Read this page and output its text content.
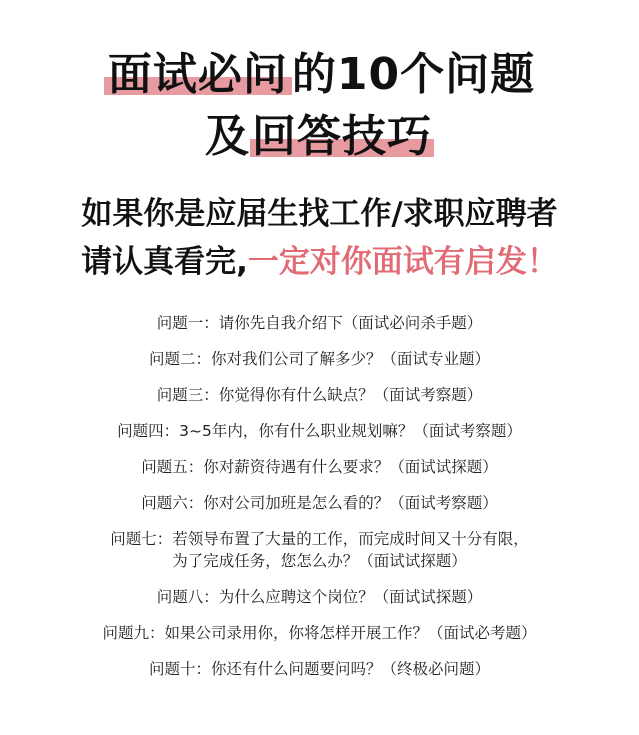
面试必问的10个问题
及回答技巧
如果你是应届生找工作/求职应聘者
请认真看完,一定对你面试有启发！
问题一：请你先自我介绍下（面试必问杀手题）
问题二：你对我们公司了解多少？（面试专业题）
问题三：你觉得你有什么缺点？（面试考察题）
问题四：3~5年内，你有什么职业规划嘛？（面试考察题）
问题五：你对薪资待遇有什么要求？（面试试探题）
问题六：你对公司加班是怎么看的？（面试考察题）
问题七：若领导布置了大量的工作，而完成时间又十分有限，
为了完成任务，您怎么办？（面试试探题）
问题八：为什么应聘这个岗位？（面试试探题）
问题九：如果公司录用你，你将怎样开展工作？（面试必考题）
问题十：你还有什么问题要问吗？（终极必问题）
